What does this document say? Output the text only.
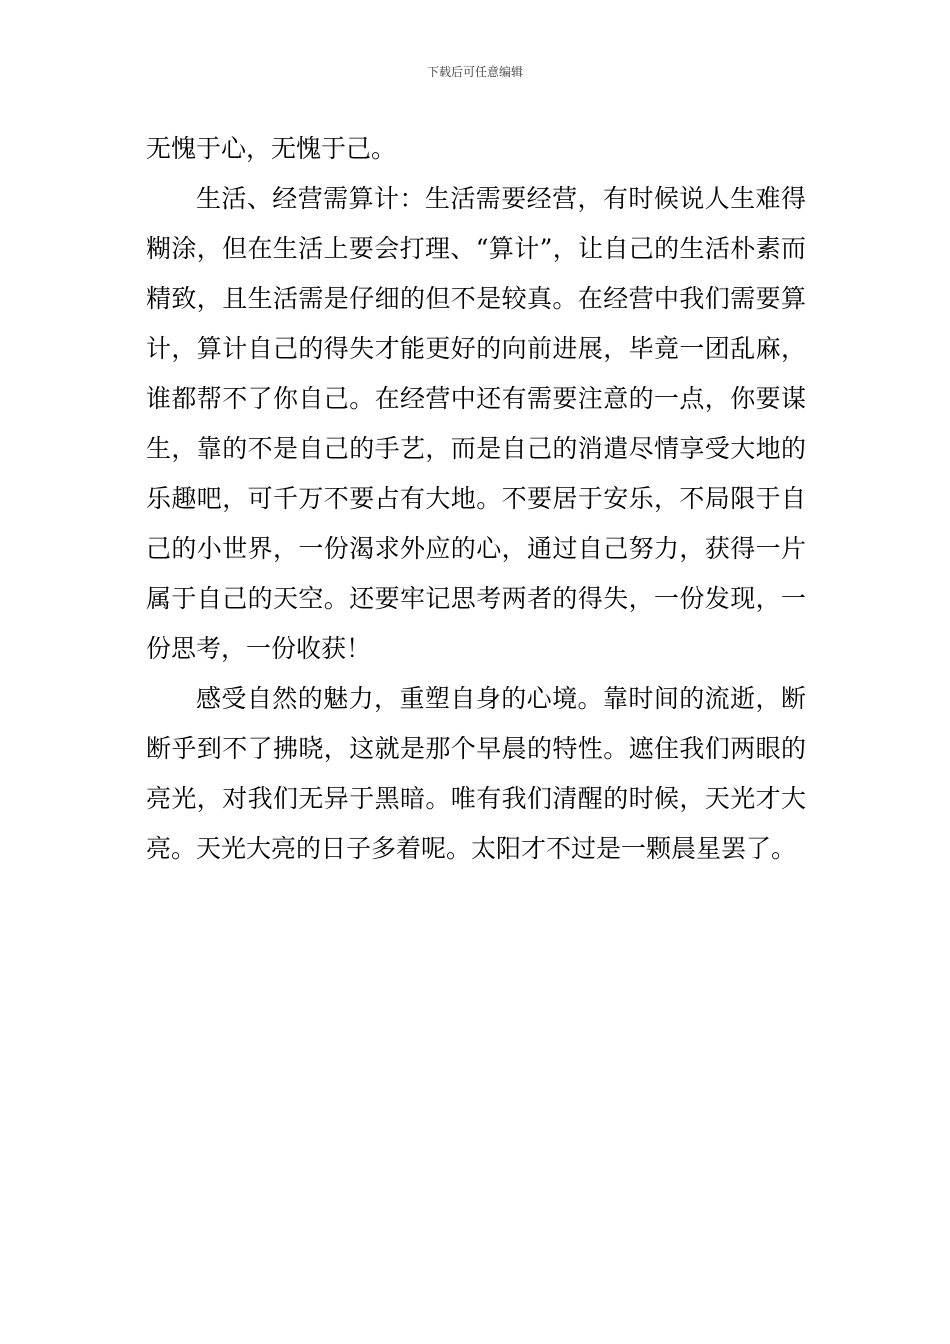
下载后可任意编辑

无愧于心，无愧于己。

生活、经营需算计：生活需要经营，有时候说人生难得糊涂，但在生活上要会打理、“算计”，让自己的生活朴素而精致，且生活需是仔细的但不是较真。在经营中我们需要算计，算计自己的得失才能更好的向前进展，毕竟一团乱麻，谁都帮不了你自己。在经营中还有需要注意的一点，你要谋生，靠的不是自己的手艺，而是自己的消遣尽情享受大地的乐趣吧，可千万不要占有大地。不要居于安乐，不局限于自己的小世界，一份渴求外应的心，通过自己努力，获得一片属于自己的天空。还要牢记思考两者的得失，一份发现，一份思考，一份收获！

感受自然的魅力，重塑自身的心境。靠时间的流逝，断断乎到不了拂晓，这就是那个早晨的特性。遮住我们两眼的亮光，对我们无异于黑暗。唯有我们清醒的时候，天光才大亮。天光大亮的日子多着呢。太阳才不过是一颗晨星罢了。
